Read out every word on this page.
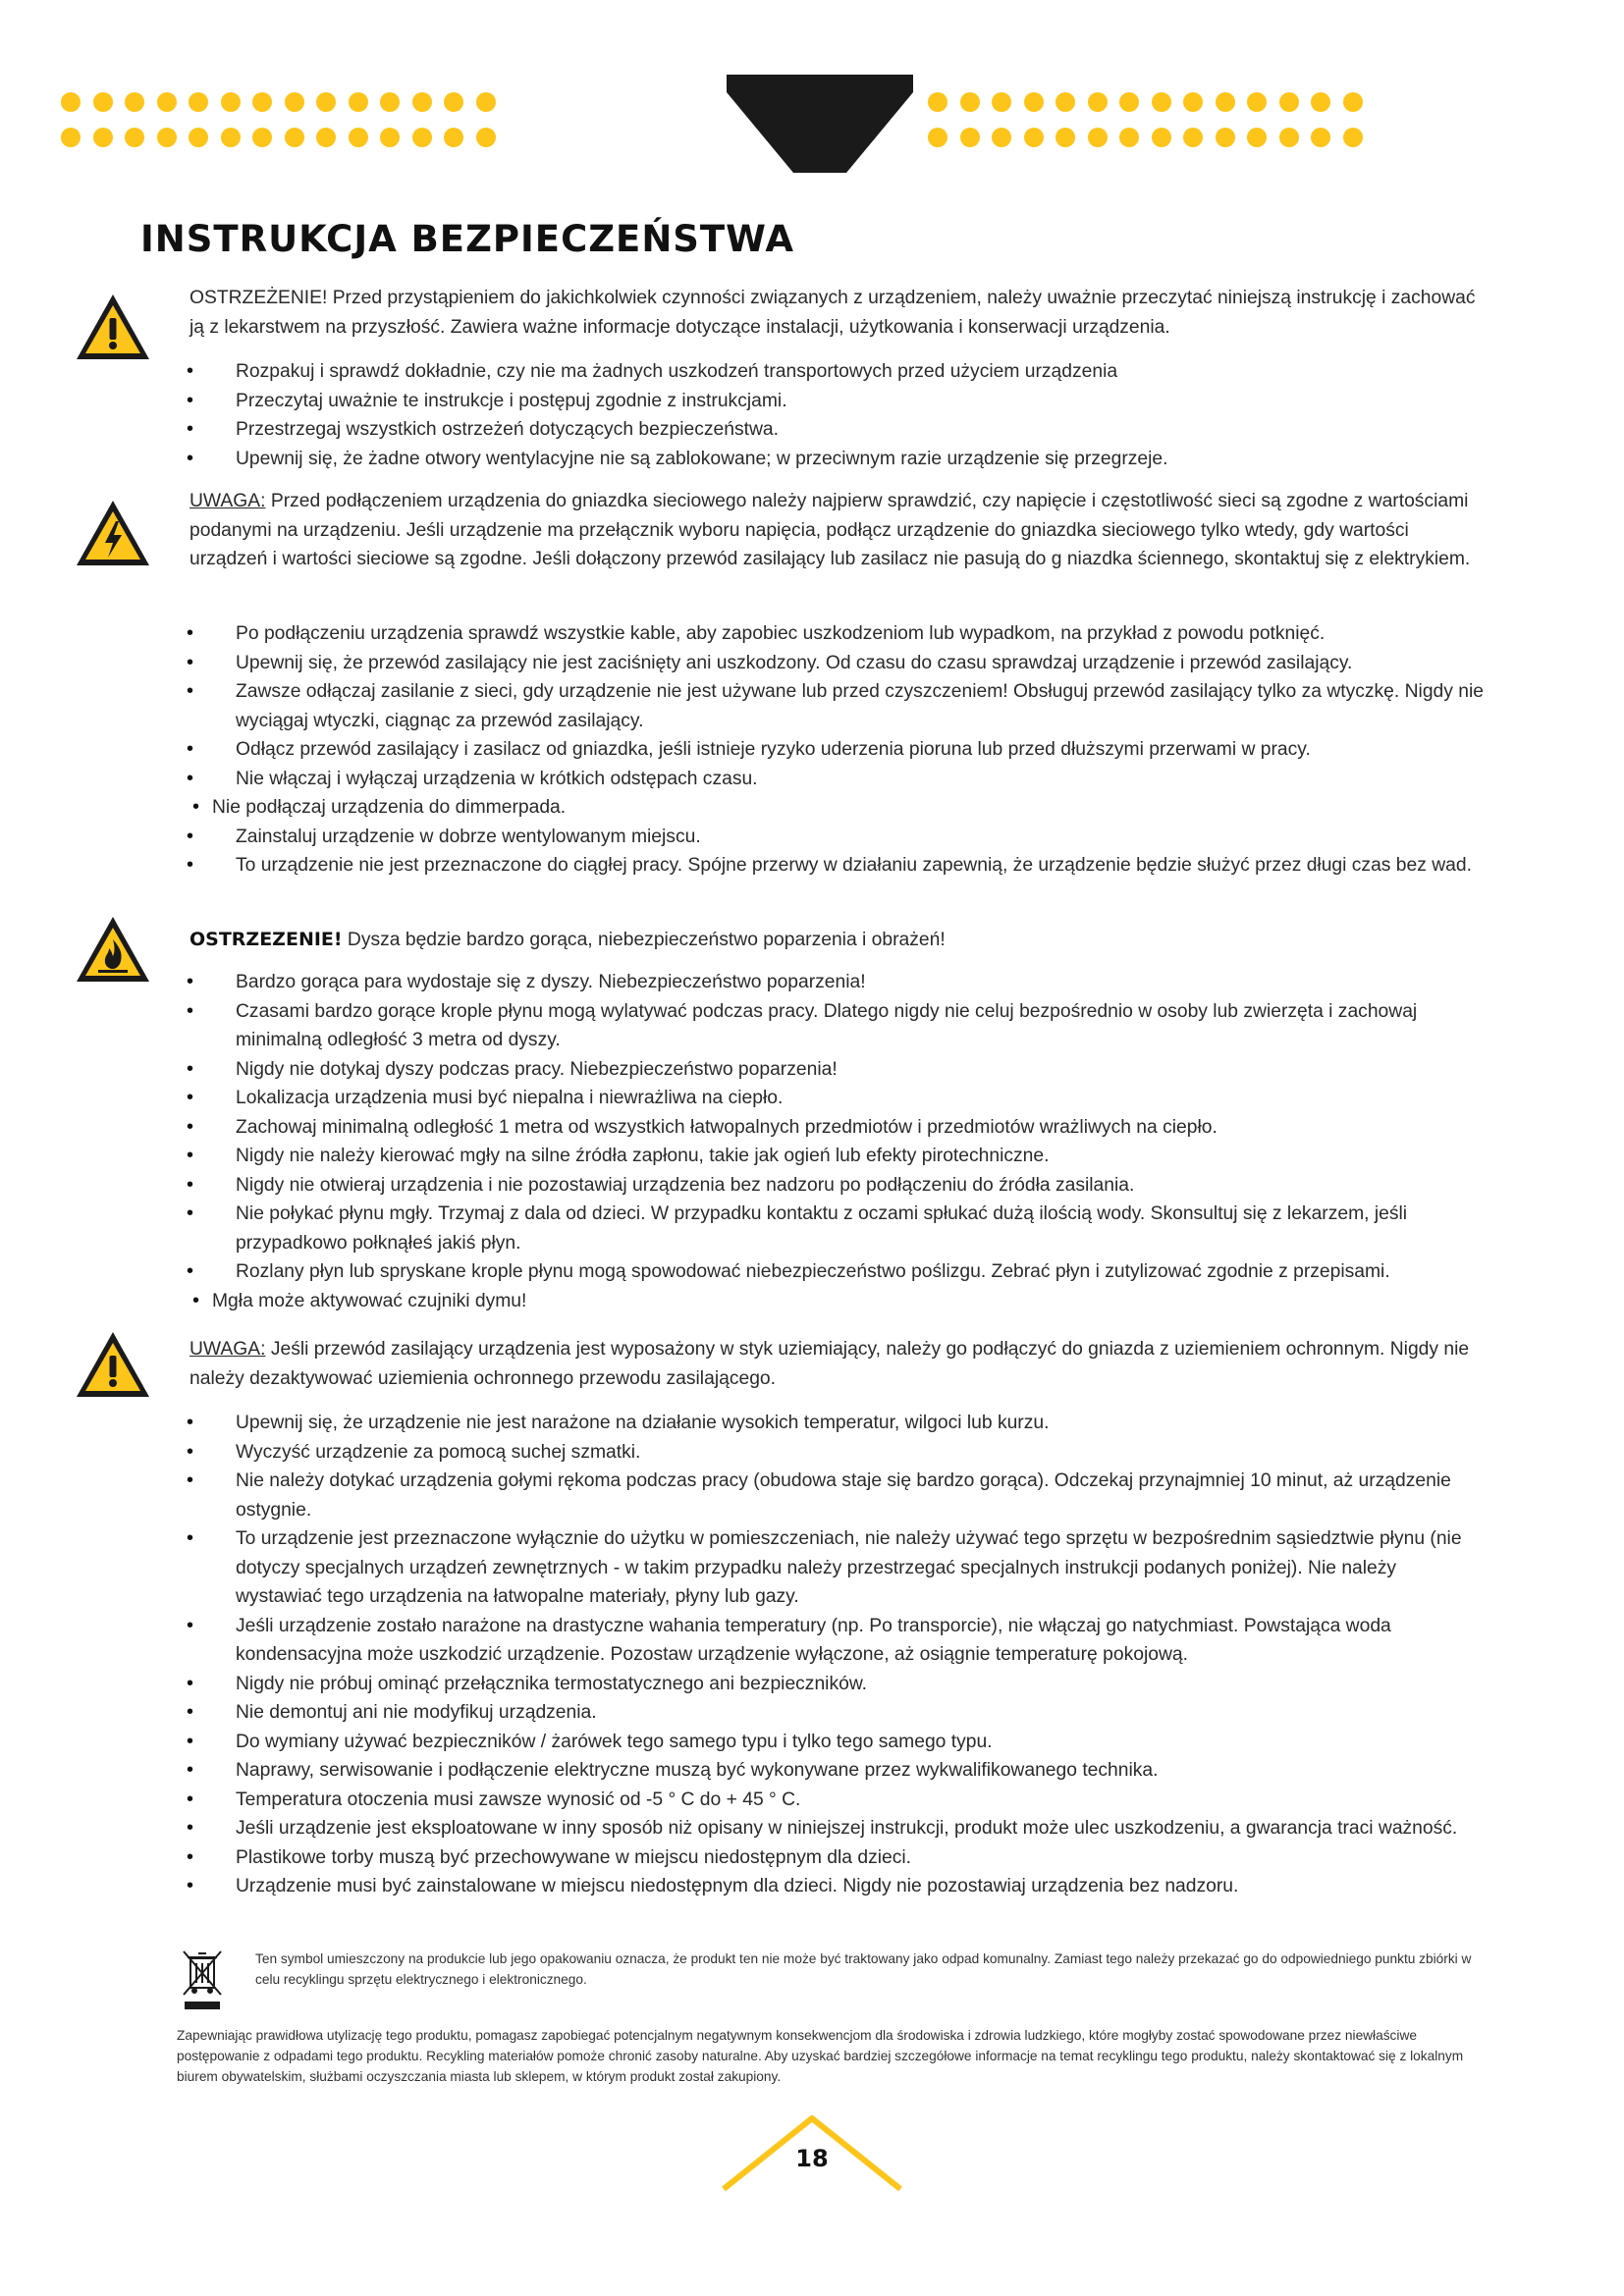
INSTRUKCJA BEZPIECZEŃSTWA

OSTRZEŻENIE! Przed przystąpieniem do jakichkolwiek czynności związanych z urządzeniem, należy uważnie przeczytać niniejszą instrukcję i zachować ją z lekarstwem na przyszłość. Zawiera ważne informacje dotyczące instalacji, użytkowania i konserwacji urządzenia.

• Rozpakuj i sprawdź dokładnie, czy nie ma żadnych uszkodzeń transportowych przed użyciem urządzenia
• Przeczytaj uważnie te instrukcje i postępuj zgodnie z instrukcjami.
• Przestrzegaj wszystkich ostrzeżeń dotyczących bezpieczeństwa.
• Upewnij się, że żadne otwory wentylacyjne nie są zablokowane; w przeciwnym razie urządzenie się przegrzeje.

UWAGA: Przed podłączeniem urządzenia do gniazdka sieciowego należy najpierw sprawdzić, czy napięcie i częstotliwość sieci są zgodne z wartościami podanymi na urządzeniu. Jeśli urządzenie ma przełącznik wyboru napięcia, podłącz urządzenie do gniazdka sieciowego tylko wtedy, gdy wartości urządzeń i wartości sieciowe są zgodne. Jeśli dołączony przewód zasilający lub zasilacz nie pasują do g niazdka ściennego, skontaktuj się z elektrykiem.

• Po podłączeniu urządzenia sprawdź wszystkie kable, aby zapobiec uszkodzeniom lub wypadkom, na przykład z powodu potknięć.
• Upewnij się, że przewód zasilający nie jest zaciśnięty ani uszkodzony. Od czasu do czasu sprawdzaj urządzenie i przewód zasilający.
• Zawsze odłączaj zasilanie z sieci, gdy urządzenie nie jest używane lub przed czyszczeniem! Obsługuj przewód zasilający tylko za wtyczkę. Nigdy nie wyciągaj wtyczki, ciągnąc za przewód zasilający.
• Odłącz przewód zasilający i zasilacz od gniazdka, jeśli istnieje ryzyko uderzenia pioruna lub przed dłuższymi przerwami w pracy.
• Nie włączaj i wyłączaj urządzenia w krótkich odstępach czasu.
• Nie podłączaj urządzenia do dimmerpada.
• Zainstaluj urządzenie w dobrze wentylowanym miejscu.
• To urządzenie nie jest przeznaczone do ciągłej pracy. Spójne przerwy w działaniu zapewnią, że urządzenie będzie służyć przez długi czas bez wad.

OSTRZEZENIE! Dysza będzie bardzo gorąca, niebezpieczeństwo poparzenia i obrażeń!

• Bardzo gorąca para wydostaje się z dyszy. Niebezpieczeństwo poparzenia!
• Czasami bardzo gorące krople płynu mogą wylatywać podczas pracy. Dlatego nigdy nie celuj bezpośrednio w osoby lub zwierzęta i zachowaj minimalną odległość 3 metra od dyszy.
• Nigdy nie dotykaj dyszy podczas pracy. Niebezpieczeństwo poparzenia!
• Lokalizacja urządzenia musi być niepalna i niewrażliwa na ciepło.
• Zachowaj minimalną odległość 1 metra od wszystkich łatwopalnych przedmiotów i przedmiotów wrażliwych na ciepło.
• Nigdy nie należy kierować mgły na silne źródła zapłonu, takie jak ogień lub efekty pirotechniczne.
• Nigdy nie otwieraj urządzenia i nie pozostawiaj urządzenia bez nadzoru po podłączeniu do źródła zasilania.
• Nie połykać płynu mgły. Trzymaj z dala od dzieci. W przypadku kontaktu z oczami spłukać dużą ilością wody. Skonsultuj się z lekarzem, jeśli przypadkowo połknąłeś jakiś płyn.
• Rozlany płyn lub spryskane krople płynu mogą spowodować niebezpieczeństwo poślizgu. Zebrać płyn i zutylizować zgodnie z przepisami.
• Mgła może aktywować czujniki dymu!

UWAGA: Jeśli przewód zasilający urządzenia jest wyposażony w styk uziemiający, należy go podłączyć do gniazda z uziemieniem ochronnym. Nigdy nie należy dezaktywować uziemienia ochronnego przewodu zasilającego.

• Upewnij się, że urządzenie nie jest narażone na działanie wysokich temperatur, wilgoci lub kurzu.
• Wyczyść urządzenie za pomocą suchej szmatki.
• Nie należy dotykać urządzenia gołymi rękoma podczas pracy (obudowa staje się bardzo gorąca). Odczekaj przynajmniej 10 minut, aż urządzenie ostygnie.
• To urządzenie jest przeznaczone wyłącznie do użytku w pomieszczeniach, nie należy używać tego sprzętu w bezpośrednim sąsiedztwie płynu (nie dotyczy specjalnych urządzeń zewnętrznych - w takim przypadku należy przestrzegać specjalnych instrukcji podanych poniżej). Nie należy wystawiać tego urządzenia na łatwopalne materiały, płyny lub gazy.
• Jeśli urządzenie zostało narażone na drastyczne wahania temperatury (np. Po transporcie), nie włączaj go natychmiast. Powstająca woda kondensacyjna może uszkodzić urządzenie. Pozostaw urządzenie wyłączone, aż osiągnie temperaturę pokojową.
• Nigdy nie próbuj ominąć przełącznika termostatycznego ani bezpieczników.
• Nie demontuj ani nie modyfikuj urządzenia.
• Do wymiany używać bezpieczników / żarówek tego samego typu i tylko tego samego typu.
• Naprawy, serwisowanie i podłączenie elektryczne muszą być wykonywane przez wykwalifikowanego technika.
• Temperatura otoczenia musi zawsze wynosić od -5 ° C do + 45 ° C.
• Jeśli urządzenie jest eksploatowane w inny sposób niż opisany w niniejszej instrukcji, produkt może ulec uszkodzeniu, a gwarancja traci ważność.
• Plastikowe torby muszą być przechowywane w miejscu niedostępnym dla dzieci.
• Urządzenie musi być zainstalowane w miejscu niedostępnym dla dzieci. Nigdy nie pozostawiaj urządzenia bez nadzoru.

Ten symbol umieszczony na produkcie lub jego opakowaniu oznacza, że produkt ten nie może być traktowany jako odpad komunalny. Zamiast tego należy przekazać go do odpowiedniego punktu zbiórki w celu recyklingu sprzętu elektrycznego i elektronicznego.

Zapewniając prawidłowa utylizację tego produktu, pomagasz zapobiegać potencjalnym negatywnym konsekwencjom dla środowiska i zdrowia ludzkiego, które mogłyby zostać spowodowane przez niewłaściwe postępowanie z odpadami tego produktu. Recykling materiałów pomoże chronić zasoby naturalne. Aby uzyskać bardziej szczegółowe informacje na temat recyklingu tego produktu, należy skontaktować się z lokalnym biurem obywatelskim, służbami oczyszczania miasta lub sklepem, w którym produkt został zakupiony.

18
